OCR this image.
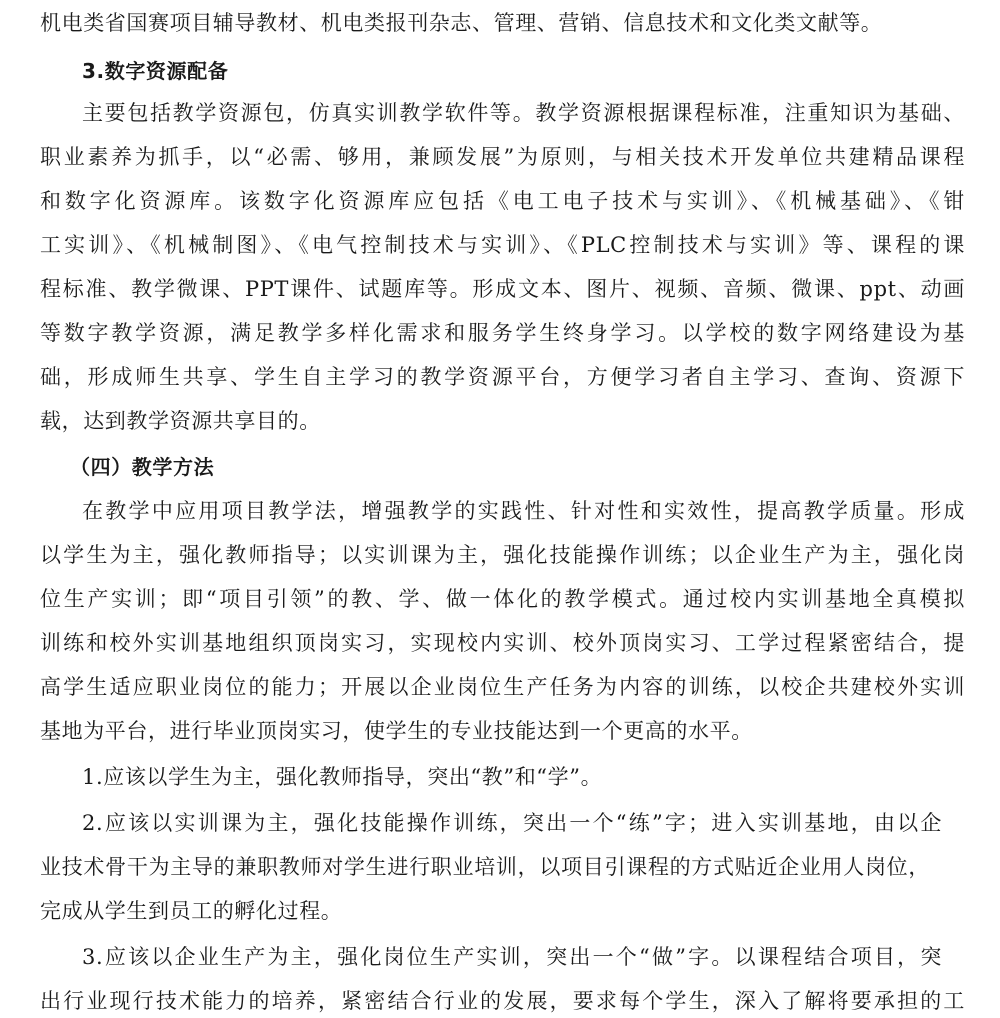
机电类省国赛项目辅导教材、机电类报刊杂志、管理、营销、信息技术和文化类文献等。
3.数字资源配备
主要包括教学资源包，仿真实训教学软件等。教学资源根据课程标准，注重知识为基础、
职业素养为抓手，以“必需、够用，兼顾发展”为原则，与相关技术开发单位共建精品课程
和数字化资源库。该数字化资源库应包括《电工电子技术与实训》、《机械基础》、《钳
工实训》、《机械制图》、《电气控制技术与实训》、《PLC控制技术与实训》等、课程的课
程标准、教学微课、PPT课件、试题库等。形成文本、图片、视频、音频、微课、ppt、动画
等数字教学资源，满足教学多样化需求和服务学生终身学习。以学校的数字网络建设为基
础，形成师生共享、学生自主学习的教学资源平台，方便学习者自主学习、查询、资源下
载，达到教学资源共享目的。
（四）教学方法
在教学中应用项目教学法，增强教学的实践性、针对性和实效性，提高教学质量。形成
以学生为主，强化教师指导；以实训课为主，强化技能操作训练；以企业生产为主，强化岗
位生产实训；即“项目引领”的教、学、做一体化的教学模式。通过校内实训基地全真模拟
训练和校外实训基地组织顶岗实习，实现校内实训、校外顶岗实习、工学过程紧密结合，提
高学生适应职业岗位的能力；开展以企业岗位生产任务为内容的训练，以校企共建校外实训
基地为平台，进行毕业顶岗实习，使学生的专业技能达到一个更高的水平。
1.应该以学生为主，强化教师指导，突出“教”和“学”。
2.应该以实训课为主，强化技能操作训练，突出一个“练”字；进入实训基地，由以企
业技术骨干为主导的兼职教师对学生进行职业培训，以项目引课程的方式贴近企业用人岗位，
完成从学生到员工的孵化过程。
3.应该以企业生产为主，强化岗位生产实训，突出一个“做”字。以课程结合项目，突
出行业现行技术能力的培养，紧密结合行业的发展，要求每个学生，深入了解将要承担的工
